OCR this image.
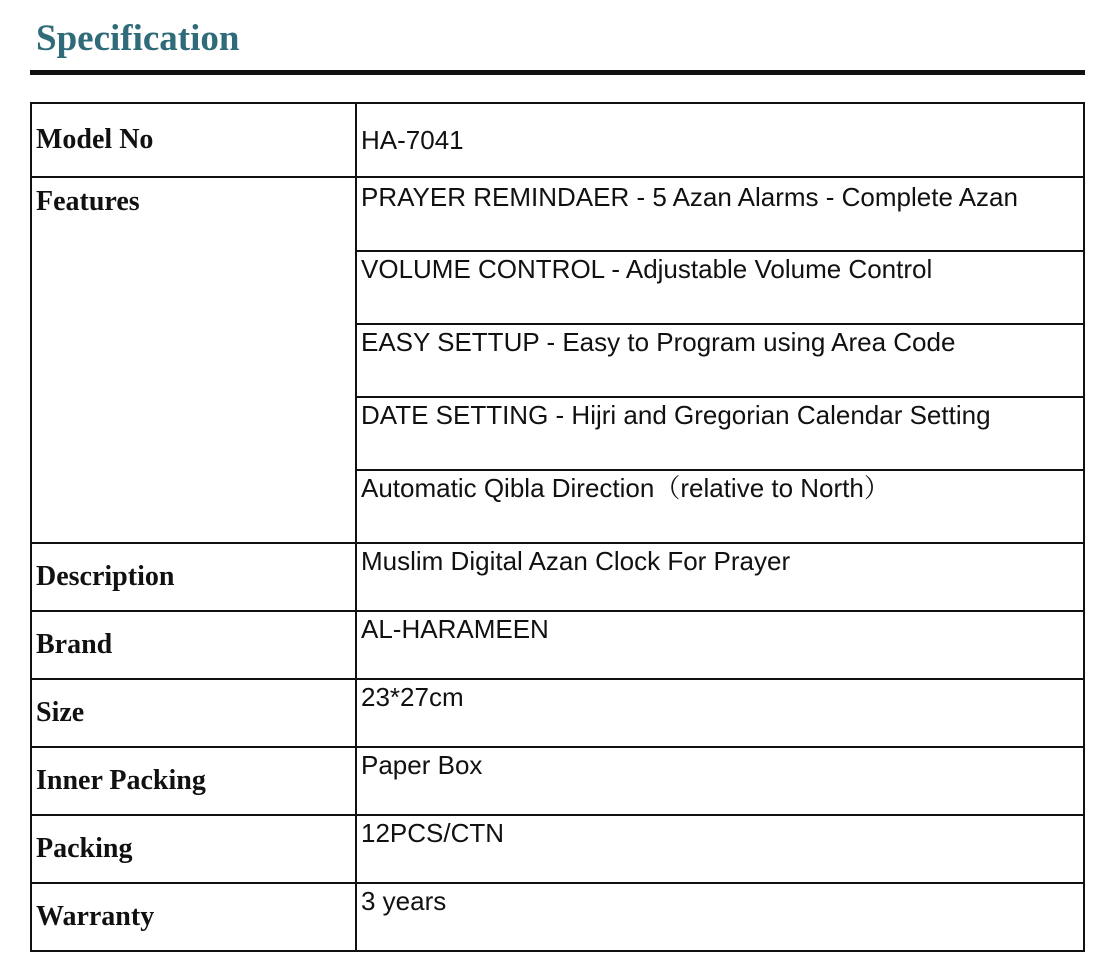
Specification
Model No	HA-7041
Features	PRAYER REMINDAER - 5 Azan Alarms - Complete Azan
	VOLUME CONTROL - Adjustable Volume Control
	EASY SETTUP - Easy to Program using Area Code
	DATE SETTING - Hijri and Gregorian Calendar Setting
	Automatic Qibla Direction（relative to North）
Description	Muslim Digital Azan Clock For Prayer
Brand	AL-HARAMEEN
Size	23*27cm
Inner Packing	Paper Box
Packing	12PCS/CTN
Warranty	3 years
